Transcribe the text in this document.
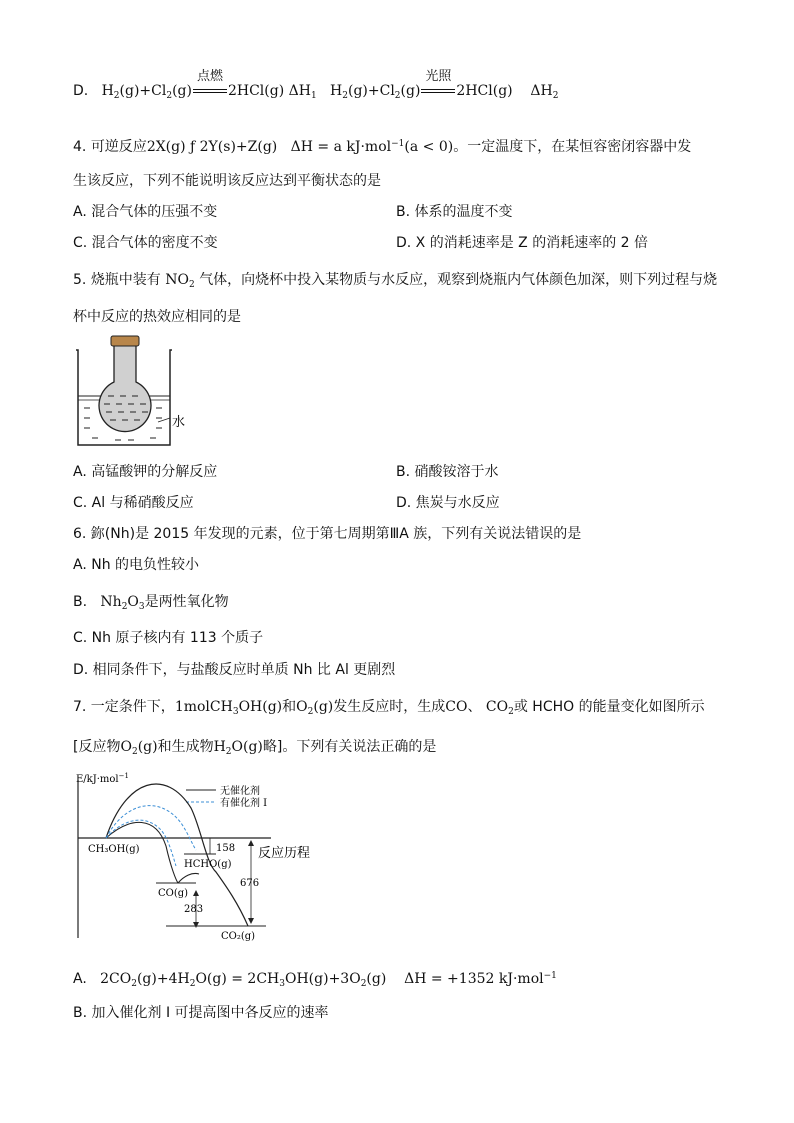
D.   $H_2(g)+Cl_2(g)$
点燃
2HCl(g) $\Delta H_1$   $H_2(g)+Cl_2(g)$
光照
2HCl(g)    $\Delta H_2$
4. 可逆反应2X(g) ƒ 2Y(s)+Z(g) ΔH = a kJ·mol$^{-1}$(a < 0)。一定温度下，在某恒容密闭容器中发
生该反应，下列不能说明该反应达到平衡状态的是
A. 混合气体的压强不变	B. 体系的温度不变
C. 混合气体的密度不变	D. X 的消耗速率是 Z 的消耗速率的 2 倍
5. 烧瓶中装有 $NO_2$ 气体，向烧杯中投入某物质与水反应，观察到烧瓶内气体颜色加深，则下列过程与烧
杯中反应的热效应相同的是
水
A. 高锰酸钾的分解反应	B. 硝酸铵溶于水
C. Al 与稀硝酸反应	D. 焦炭与水反应
6. 鉨(Nh)是 2015 年发现的元素，位于第七周期第ⅢA 族，下列有关说法错误的是
A. Nh 的电负性较小
B.   $Nh_2O_3$是两性氧化物
C. Nh 原子核内有 113 个质子
D. 相同条件下，与盐酸反应时单质 Nh 比 Al 更剧烈
7. 一定条件下，1molCH$_3$OH(g)和$O_2(g)$发生反应时，生成CO、 $CO_2$或 HCHO 的能量变化如图所示
[反应物$O_2(g)$和生成物$H_2O(g)$略]。下列有关说法正确的是
E/kJ·mol$^{-1}$
反应历程
无催化剂
有催化剂 I
CH₃OH(g)
HCHO(g)
158
CO(g)
283
CO₂(g)
676
A.   $2CO_2(g)+4H_2O(g) = 2CH_3OH(g)+3O_2(g)$    ΔH = +1352 kJ·mol$^{-1}$
B. 加入催化剂 I 可提高图中各反应的速率
